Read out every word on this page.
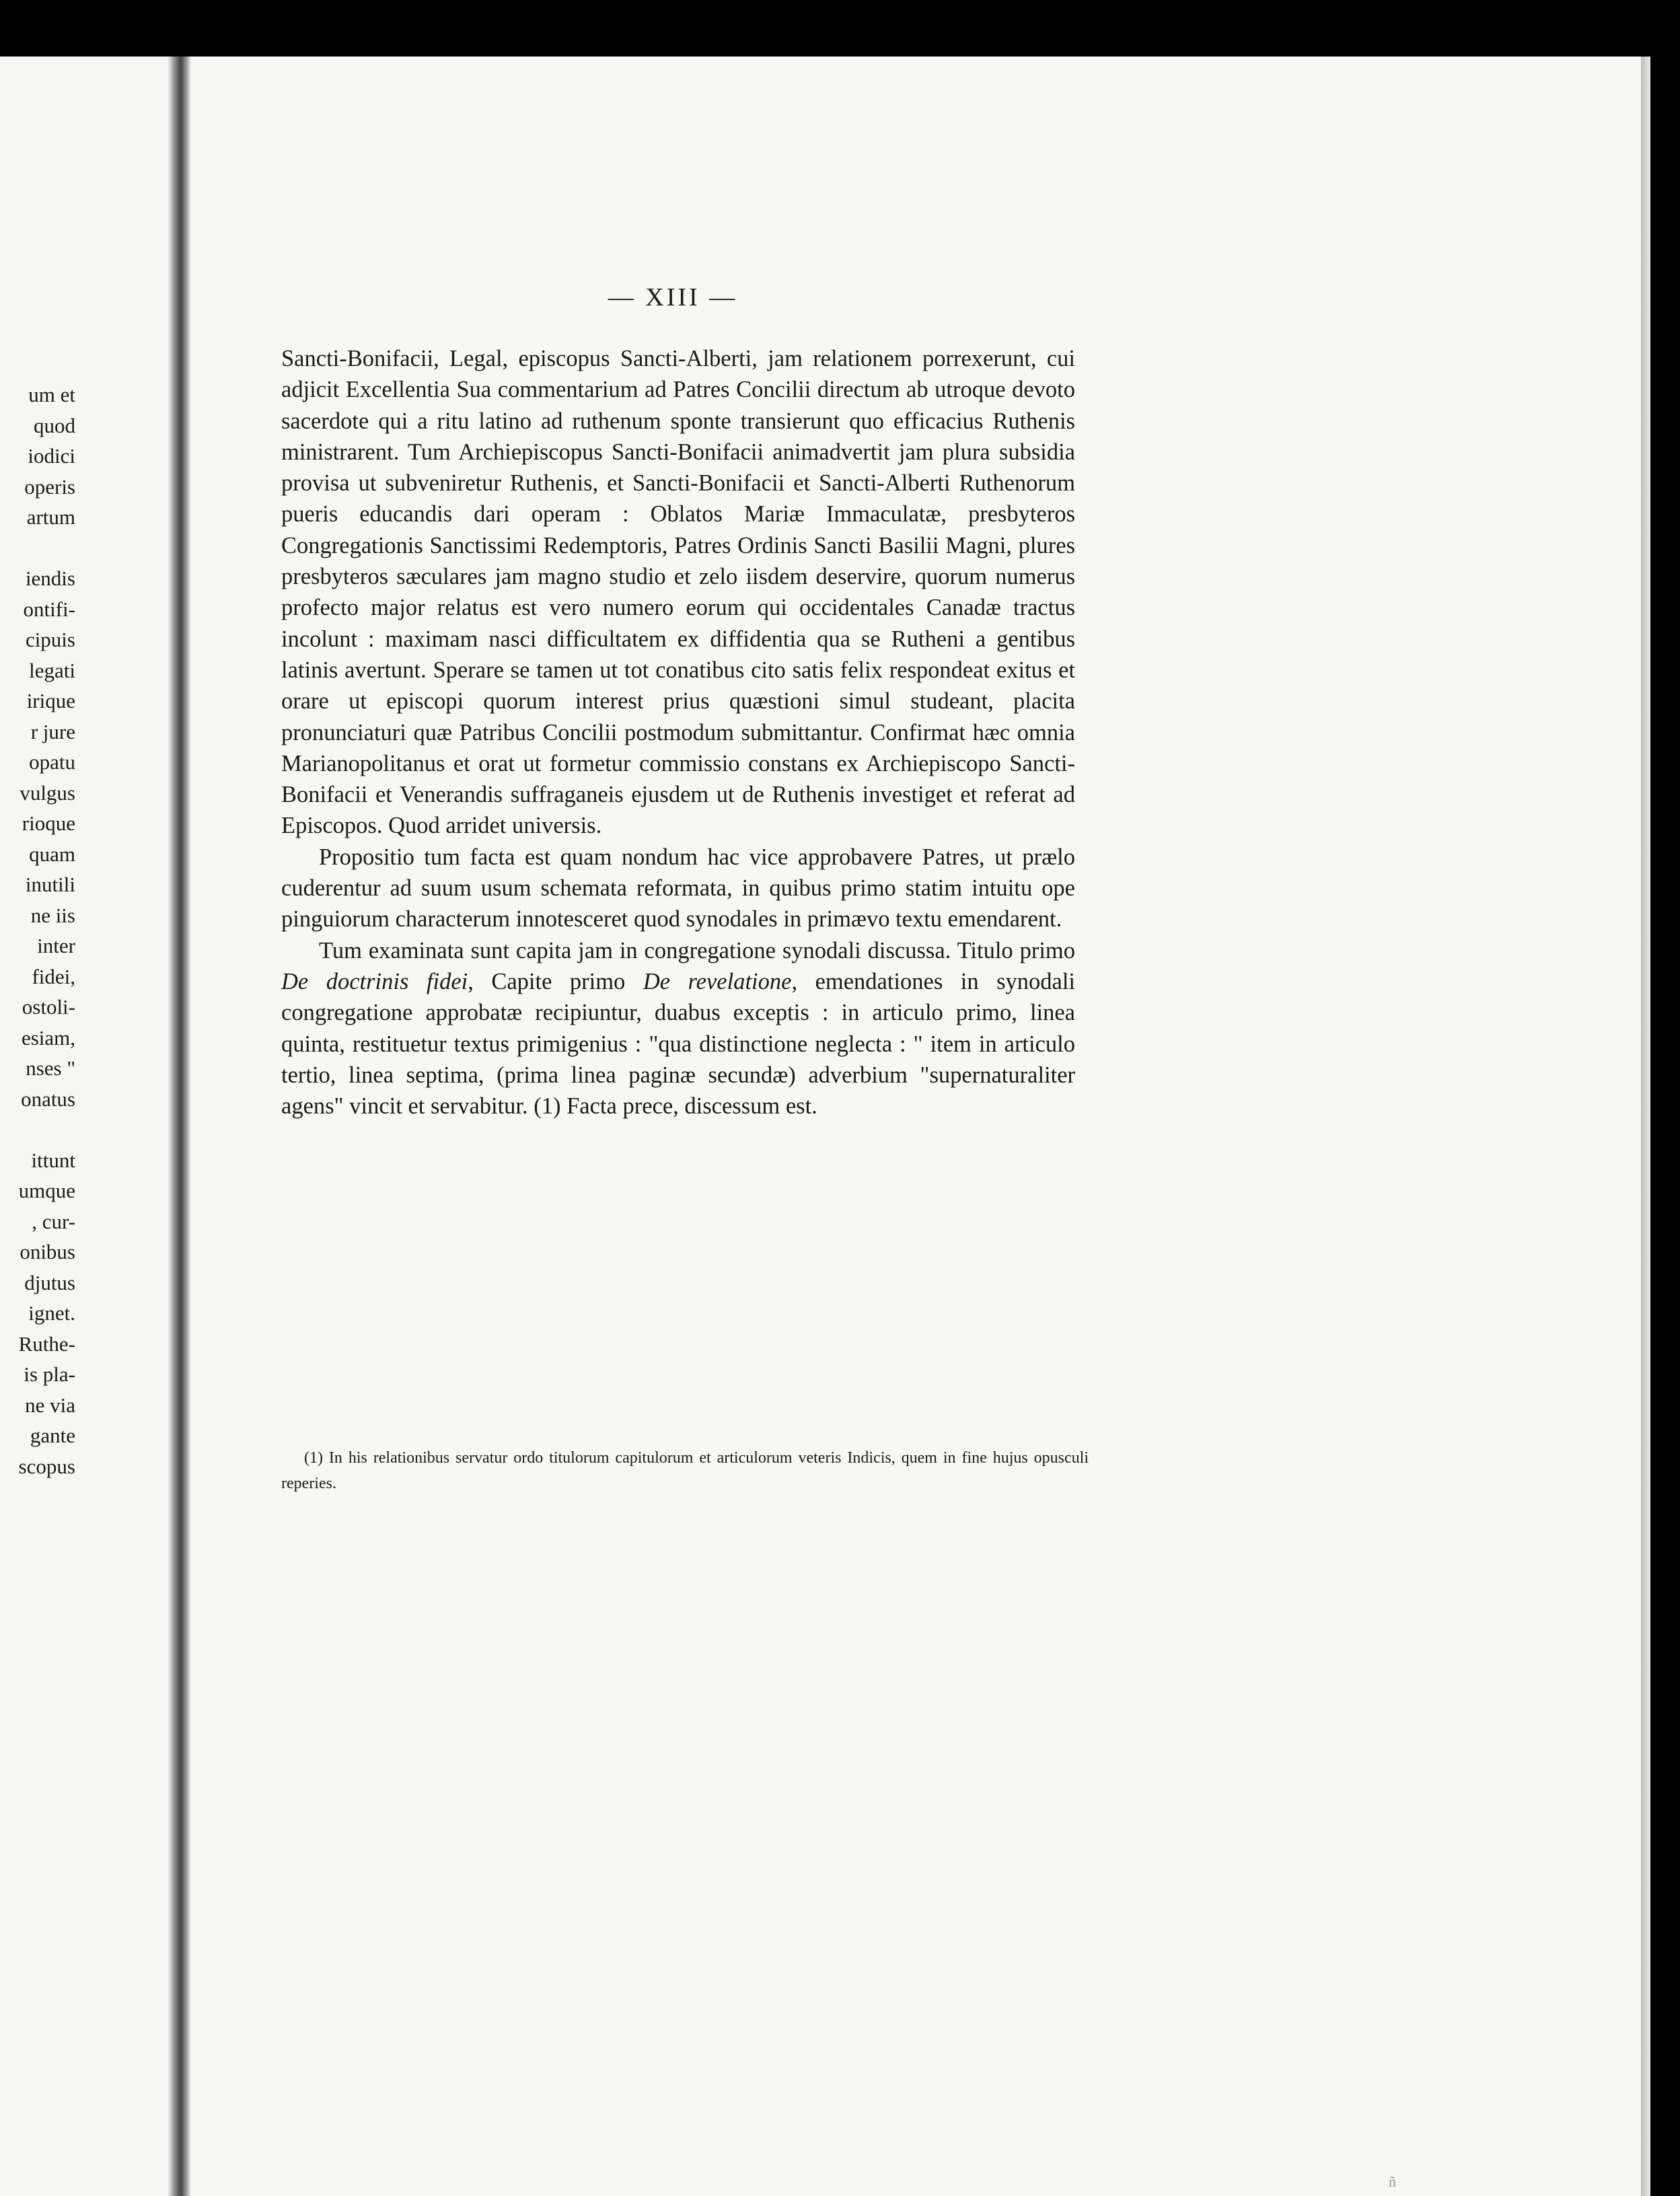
um et
quod
iodici
operis
artum

iendis
ontifi-
cipuis
legati
irique
r jure
opatu
vulgus
rioque
quam
inutili
ne iis
inter
fidei,
ostoli-
esiam,
nses "
onatus

ittunt
umque
, cur-
onibus
djutus
ignet.
Ruthe-
is pla-
ne via
gante
scopus
— XIII —

Sancti-Bonifacii, Legal, episcopus Sancti-Alberti, jam relationem porrexerunt, cui adjicit Excellentia Sua commentarium ad Patres Concilii directum ab utroque devoto sacerdote qui a ritu latino ad ruthenum sponte transierunt quo efficacius Ruthenis ministrarent. Tum Archiepiscopus Sancti-Bonifacii animadvertit jam plura subsidia provisa ut subveniretur Ruthenis, et Sancti-Bonifacii et Sancti-Alberti Ruthenorum pueris educandis dari operam : Oblatos Mariæ Immaculatæ, presbyteros Congregationis Sanctissimi Redemptoris, Patres Ordinis Sancti Basilii Magni, plures presbyteros sæculares jam magno studio et zelo iisdem deservire, quorum numerus profecto major relatus est vero numero eorum qui occidentales Canadæ tractus incolunt : maximam nasci difficultatem ex diffidentia qua se Rutheni a gentibus latinis avertunt. Sperare se tamen ut tot conatibus cito satis felix respondeat exitus et orare ut episcopi quorum interest prius quæstioni simul studeant, placita pronunciaturi quæ Patribus Concilii postmodum submittantur. Confirmat hæc omnia Marianopolitanus et orat ut formetur commissio constans ex Archiepiscopo Sancti-Bonifacii et Venerandis suffraganeis ejusdem ut de Ruthenis investiget et referat ad Episcopos. Quod arridet universis.

Propositio tum facta est quam nondum hac vice approbavere Patres, ut prælo cuderentur ad suum usum schemata reformata, in quibus primo statim intuitu ope pinguiorum characterum innotesceret quod synodales in primævo textu emendarent.

Tum examinata sunt capita jam in congregatione synodali discussa. Titulo primo De doctrinis fidei, Capite primo De revelatione, emendationes in synodali congregatione approbatæ recipiuntur, duabus exceptis : in articulo primo, linea quinta, restituetur textus primigenius : "qua distinctione neglecta : " item in articulo tertio, linea septima, (prima linea paginæ secundæ) adverbium "supernaturaliter agens" vincit et servabitur. (1) Facta prece, discessum est.

(1) In his relationibus servatur ordo titulorum capitulorum et articulorum veteris Indicis, quem in fine hujus opusculi reperies.

ñ
